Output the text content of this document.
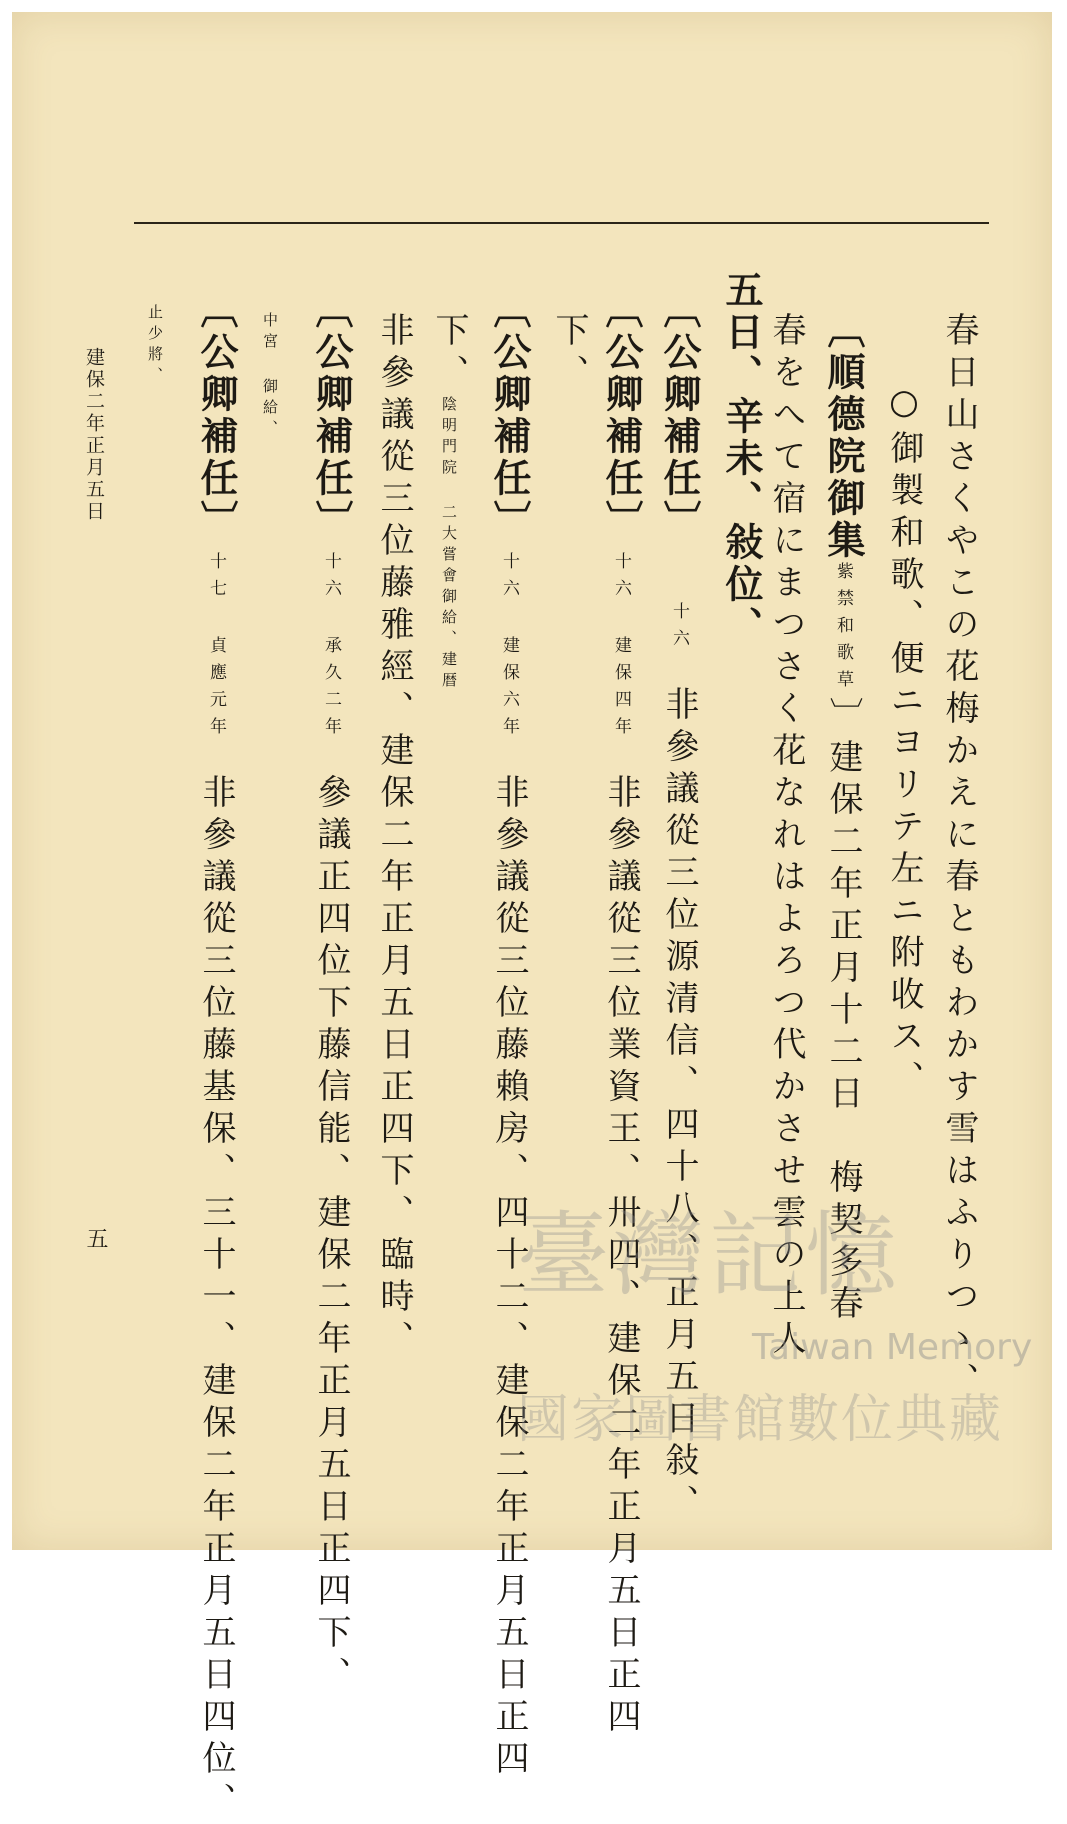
春日山さくやこの花梅かえに春ともわかす雪はふりつゝ、
○御製和歌、便ニヨリテ左ニ附收ス、
〔順德院御集紫禁和歌草〕建保二年正月十二日　梅契多春
春をへて宿にまつさく花なれはよろつ代かさせ雲の上人
五日、辛未、敍位、
〔公卿補任〕十六非參議從三位源清信、四十八、正月五日敍、
〔公卿補任〕十六 建保四年非參議從三位業資王、卅四、建保二年正月五日正四
下、
〔公卿補任〕十六 建保六年非參議從三位藤賴房、四十二、建保二年正月五日正四
下、陰明門院 二大嘗會御給、建暦
非參議從三位藤雅經、建保二年正月五日正四下、臨時、
〔公卿補任〕十六 承久二年參議正四位下藤信能、建保二年正月五日正四下、
中宮 御給、
〔公卿補任〕十七 貞應元年非參議從三位藤基保、三十一、建保二年正月五日四位、
止少將、
建保二年正月五日
五	臺灣記憶
Taiwan Memory
國家圖書館數位典藏
